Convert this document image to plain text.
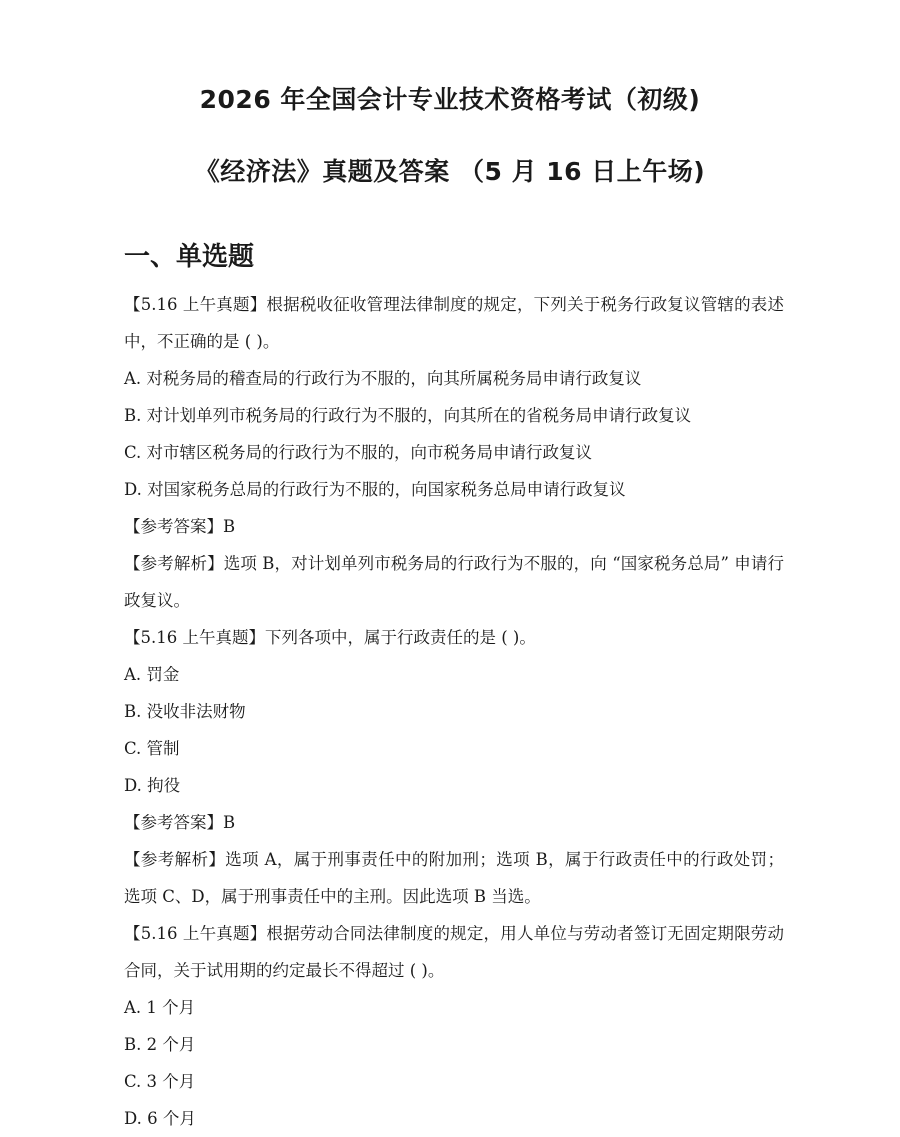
2026 年全国会计专业技术资格考试（初级)
《经济法》真题及答案 （5 月 16 日上午场)
一、单选题

【5.16 上午真题】根据税收征收管理法律制度的规定，下列关于税务行政复议管辖的表述中，不正确的是 ( )。

A. 对税务局的稽查局的行政行为不服的，向其所属税务局申请行政复议

B. 对计划单列市税务局的行政行为不服的，向其所在的省税务局申请行政复议

C. 对市辖区税务局的行政行为不服的，向市税务局申请行政复议

D. 对国家税务总局的行政行为不服的，向国家税务总局申请行政复议

【参考答案】B

【参考解析】选项 B，对计划单列市税务局的行政行为不服的，向 “国家税务总局” 申请行政复议。

【5.16 上午真题】下列各项中，属于行政责任的是 ( )。

A. 罚金

B. 没收非法财物

C. 管制

D. 拘役

【参考答案】B

【参考解析】选项 A，属于刑事责任中的附加刑；选项 B，属于行政责任中的行政处罚；选项 C、D，属于刑事责任中的主刑。因此选项 B 当选。

【5.16 上午真题】根据劳动合同法律制度的规定，用人单位与劳动者签订无固定期限劳动合同，关于试用期的约定最长不得超过 ( )。

A. 1 个月

B. 2 个月

C. 3 个月

D. 6 个月
